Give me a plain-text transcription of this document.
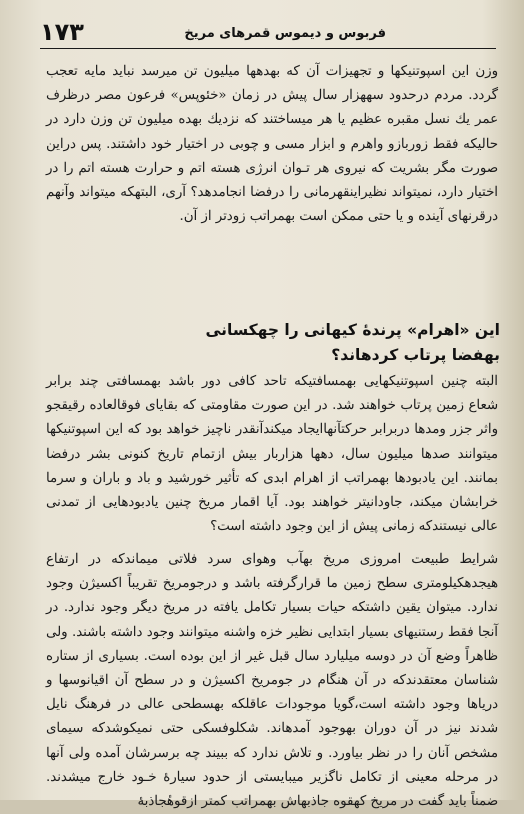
۱۷۳	فربوس و دیموس قمرهای مریخ

وزن این اسپوتنیکها و تجهیزات آن که بهدهها میلیون تن میرسد نباید مایه تعجب گردد. مردم درحدود سههزار سال پیش در زمان «خئوپس» فرعون مصر درظرف عمر یك نسل مقبره عظیم یا هر میساختند که نزدیك بهده میلیون تن وزن دارد در حالیکه فقط زوربازو واهرم و ابزار مسی و چوبی در اختیار خود داشتند. پس دراین صورت مگر بشریت که نیروی هر تـوان انرژی هسته اتم و حرارت هسته اتم را در اختیار دارد، نمیتواند نظیراینقهرمانی را درفضا انجامدهد؟ آری، البتهکه میتواند وآنهم درقرنهای آینده و یا حتی ممکن است بهمراتب زودتر از آن.

این «اهرام» پرندهٔ کیهانی را چهکسانی
بهفضا پرتاب کردهاند؟

البته چنین اسپوتنیکهایی بهمسافتیکه تاحد کافی دور باشد بهمسافتی چند برابر شعاع زمین پرتاب خواهند شد. در این صورت مقاومتی که بقایای فوقالعاده رقیقجو واثر جزر ومدها دربرابر حرکتآنهاایجاد میکندآنقدر ناچیز خواهد بود که این اسپوتنیکها میتوانند صدها میلیون سال، دهها هزاربار بیش ازتمام تاریخ کنونی بشر درفضا بمانند. این یادبودها بهمراتب از اهرام ابدی که تأثیر خورشید و باد و باران و سرما خرابشان میکند، جاودانیتر خواهند بود. آیا اقمار مریخ چنین یادبودهایی از تمدنی عالی نیستندکه زمانی پیش از این وجود داشته است؟

شرایط طبیعت امروزی مریخ بهآب وهوای سرد فلاتی میماندکه در ارتفاع هیجدهکیلومتری سطح زمین ما قرارگرفته باشد و درجومریخ تقریباً اکسیژن وجود ندارد. میتوان یقین داشتکه حیات بسیار تکامل یافته در مریخ دیگر وجود ندارد. در آنجا فقط رستنیهای بسیار ابتدایی نظیر خزه واشنه میتوانند وجود داشته باشند. ولی ظاهراً وضع آن در دوسه میلیارد سال قبل غیر از این بوده است. بسیاری از ستاره شناسان معتقدندکه در آن هنگام در جومریخ اکسیژن و در سطح آن اقیانوسها و دریاها وجود داشته است،گویا موجودات عاقلکه بهسطحی عالی در فرهنگ نایل شدند نیز در آن دوران بهوجود آمدهاند. شکلوفسکی حتی نمیکوشدکه سیمای مشخص آنان را در نظر بیاورد. و تلاش ندارد که ببیند چه برسرشان آمده ولی آنها در مرحله معینی از تکامل ناگزیر میبایستی از حدود سیارهٔ خـود خارج میشدند. ضمناً باید گفت در مریخ کهقوه جاذبهاش بهمراتب کمتر ازقوهٔجاذبهٔ
